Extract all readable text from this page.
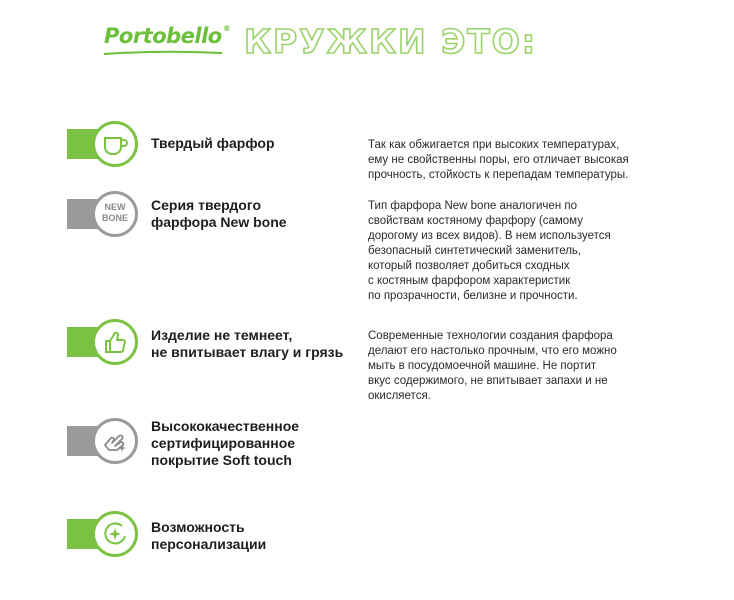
Portobello® КРУЖКИ ЭТО:
Твердый фарфор	Так как обжигается при высоких температурах,
ему не свойственны поры, его отличает высокая
прочность, стойкость к перепадам температуры.
NEW
BONE
Серия твердого
фарфора New bone
Тип фарфора New bone аналогичен по
свойствам костяному фарфору (самому
дорогому из всех видов). В нем используется
безопасный синтетический заменитель,
который позволяет добиться сходных
с костяным фарфором характеристик
по прозрачности, белизне и прочности.
Изделие не темнеет,
не впитывает влагу и грязь
Современные технологии создания фарфора
делают его настолько прочным, что его можно
мыть в посудомоечной машине. Не портит
вкус содержимого, не впитывает запахи и не
окисляется.
Высококачественное
сертифицированное
покрытие Soft touch
Возможность
персонализации
